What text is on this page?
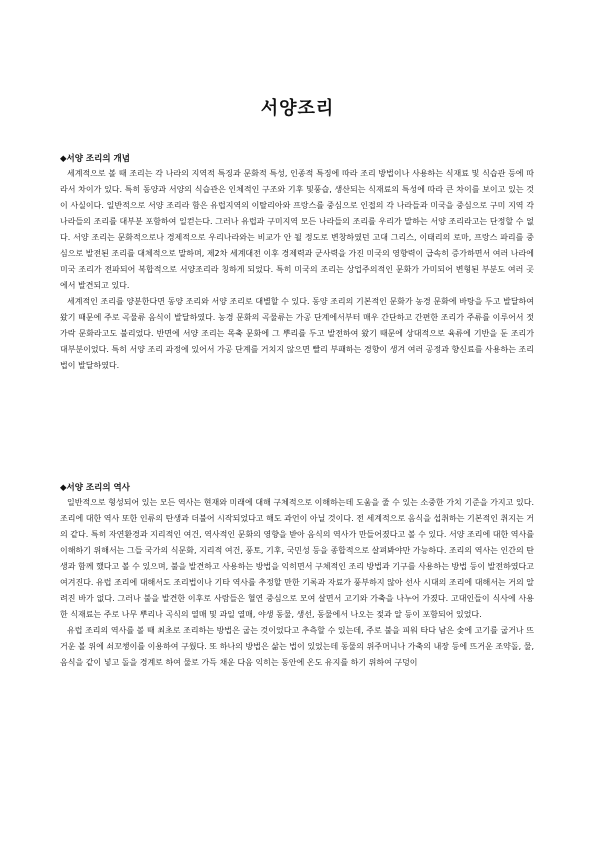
서양조리
◆서양 조리의 개념

세계적으로 볼 때 조리는 각 나라의 지역적 특징과 문화적 특성, 인종적 특징에 따라 조리 방법이나 사용하는 식재료 및 식습관 등에 따라서 차이가 있다. 특히 동양과 서양의 식습관은 인체적인 구조와 기후 및풍습, 생산되는 식재료의 특성에 따라 큰 차이를 보이고 있는 것이 사실이다. 일반적으로 서양 조리라 함은 유럽지역의 이탈리아와 프랑스를 중심으로 인접의 각 나라들과 미국을 중심으로 구미 지역 각 나라들의 조리를 대부분 포함하여 일컫는다. 그러나 유럽과 구미지역 모든 나라들의 조리를 우리가 말하는 서양 조리라고는 단정할 수 없다. 서양 조리는 문화적으로나 경제적으로 우리나라와는 비교가 안 될 정도로 변창하였던 고대 그리스, 이태리의 로마, 프랑스 파리를 중심으로 발전된 조리를 대체적으로 말하며, 제2차 세계대전 이후 경제력과 군사력을 가진 미국의 영향력이 급속히 증가하면서 여러 나라에 미국 조리가 전파되어 복합적으로 서양조리라 칭하게 되었다. 특히 미국의 조리는 상업주의적인 문화가 가미되어 변형된 부분도 여러 곳에서 발견되고 있다.

세계적인 조리를 양분한다면 동양 조리와 서양 조리로 대별할 수 있다. 동양 조리의 기본적인 문화가 농경 문화에 바탕을 두고 발달하여 왔기 때문에 주로 곡물류 음식이 발달하였다. 농경 문화의 곡물류는 가공 단계에서부터 매우 간단하고 간편한 조리가 주류를 이루어서 젓가락 문화라고도 불리었다. 반면에 서양 조리는 목축 문화에 그 뿌리를 두고 발전하여 왔기 때문에 상대적으로 육류에 기반을 둔 조리가 대부분이었다. 특히 서양 조리 과정에 있어서 가공 단계를 거치지 않으면 빨리 부패하는 경향이 생겨 여러 공정과 향신료를 사용하는 조리법이 발달하였다.

◆서양 조리의 역사

일반적으로 형성되어 있는 모든 역사는 현재와 미래에 대해 구체적으로 이해하는데 도움을 줄 수 있는 소중한 가치 기준을 가지고 있다. 조리에 대한 역사 또한 인류의 탄생과 더불어 시작되었다고 해도 과언이 아닐 것이다. 전 세계적으로 음식을 섭취하는 기본적인 취지는 거의 같다. 특히 자연환경과 지리적인 여건, 역사적인 문화의 영향을 받아 음식의 역사가 만들어졌다고 볼 수 있다. 서양 조리에 대한 역사를 이해하기 위해서는 그들 국가의 식문화, 지리적 여건, 풍토, 기후, 국민성 등을 종합적으로 살펴봐야만 가능하다. 조리의 역사는 인간의 탄생과 함께 했다고 볼 수 있으며, 불을 발견하고 사용하는 방법을 익히면서 구체적인 조리 방법과 기구를 사용하는 방법 등이 발전하였다고 여겨진다. 유럽 조리에 대해서도 조리법이나 기타 역사를 추정할 만한 기록과 자료가 풍부하지 않아 선사 시대의 조리에 대해서는 거의 알려진 바가 없다. 그러나 불을 발견한 이후로 사람들은 혈연 중심으로 모여 살면서 고기와 가축을 나누어 가졌다. 고대인들이 식사에 사용한 식재료는 주로 나무 뿌리나 곡식의 열매 및 과일 열매, 야생 동물, 생선, 동물에서 나오는 젖과 알 등이 포함되어 있었다.

유럽 조리의 역사를 볼 때 최초로 조리하는 방법은 굽는 것이었다고 추측할 수 있는데, 주로 불을 피워 타다 남은 숯에 고기를 굽거나 뜨거운 볼 위에 쇠꼬챙이를 이용하여 구웠다. 또 하나의 방법은 삶는 법이 있었는데 동물의 위주머니나 가축의 내장 등에 뜨거운 조약돌, 물, 음식을 같이 넣고 돌을 경계로 하여 물로 가득 채운 다음 익히는 동안에 온도 유지를 하기 위하여 구덩이
